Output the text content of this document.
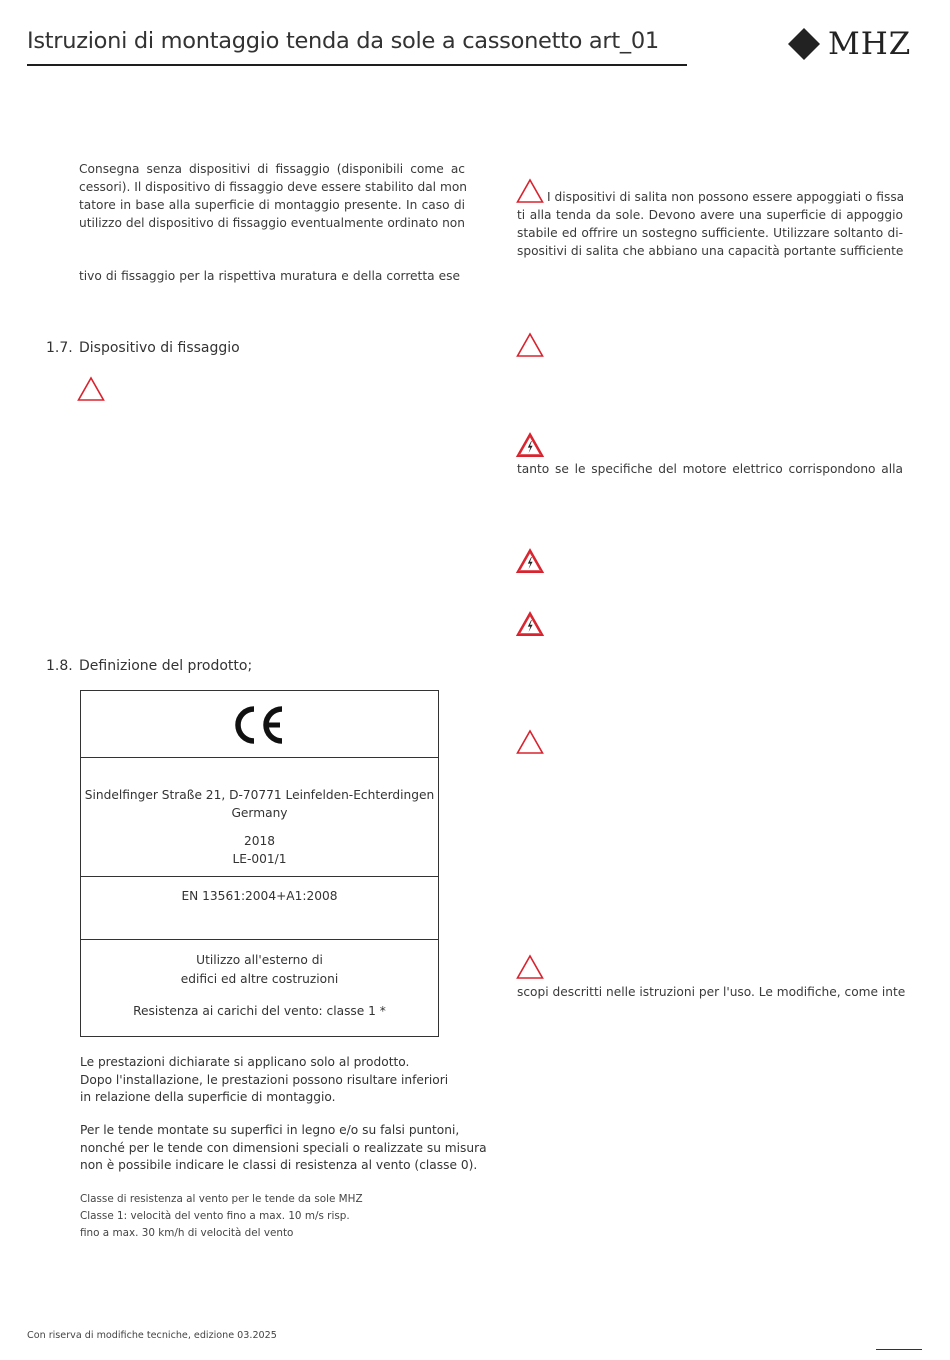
Istruzioni di montaggio tenda da sole a cassonetto art_01	MHZ
Consegna senza dispositivi di fissaggio (disponibili come ac
cessori). Il dispositivo di fissaggio deve essere stabilito dal mon
tatore in base alla superficie di montaggio presente. In caso di
utilizzo del dispositivo di fissaggio eventualmente ordinato non
tivo di fissaggio per la rispettiva muratura e della corretta ese
1.7. Dispositivo di fissaggio
1.8. Definizione del prodotto;
Sindelfinger Straße 21, D-70771 Leinfelden-Echterdingen
Germany
2018
LE-001/1
EN 13561:2004+A1:2008
Utilizzo all'esterno di
edifici ed altre costruzioni
Resistenza ai carichi del vento: classe 1 *
Le prestazioni dichiarate si applicano solo al prodotto.
Dopo l'installazione, le prestazioni possono risultare inferiori
in relazione della superficie di montaggio.
Per le tende montate su superfici in legno e/o su falsi puntoni,
nonché per le tende con dimensioni speciali o realizzate su misura
non è possibile indicare le classi di resistenza al vento (classe 0).
Classe di resistenza al vento per le tende da sole MHZ
Classe 1: velocità del vento fino a max. 10 m/s risp.
fino a max. 30 km/h di velocità del vento
I dispositivi di salita non possono essere appoggiati o fissa
ti alla tenda da sole. Devono avere una superficie di appoggio
stabile ed offrire un sostegno sufficiente. Utilizzare soltanto di-
spositivi di salita che abbiano una capacità portante sufficiente
tanto se le specifiche del motore elettrico corrispondono alla
scopi descritti nelle istruzioni per l'uso. Le modifiche, come inte
Con riserva di modifiche tecniche, edizione 03.2025
